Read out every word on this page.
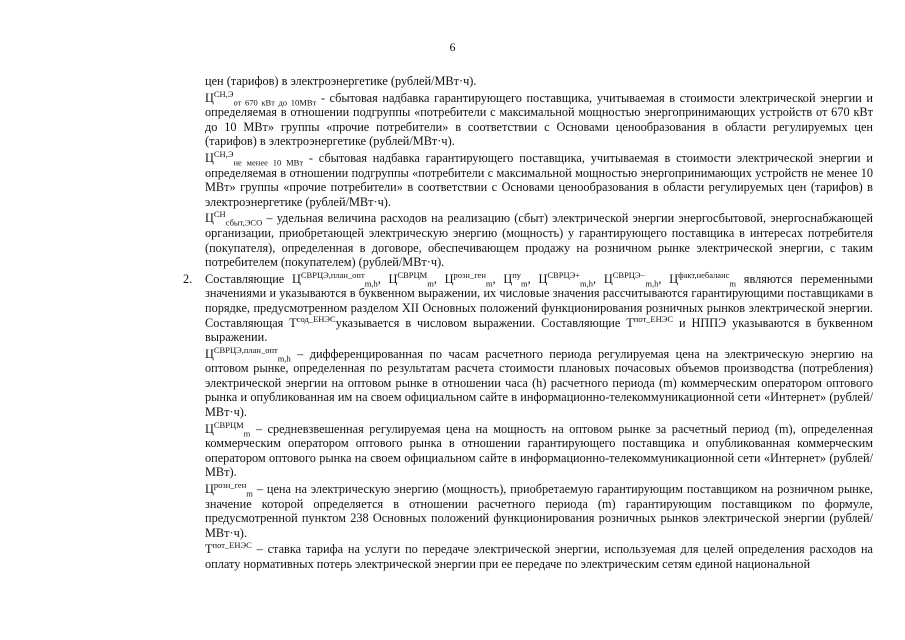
6

цен (тарифов) в электроэнергетике (рублей/МВт·ч).

$Ц^{СН,Э}_{от 670 кВт до 10МВт}$ - сбытовая надбавка гарантирующего поставщика, учитываемая в стоимости электрической энергии и определяемая в отношении подгруппы «потребители с максимальной мощностью энергопринимающих устройств от 670 кВт до 10 МВт» группы «прочие потребители» в соответствии с Основами ценообразования в области регулируемых цен (тарифов) в электроэнергетике (рублей/МВт·ч).

$Ц^{СН,Э}_{не менее 10 МВт}$ - сбытовая надбавка гарантирующего поставщика, учитываемая в стоимости электрической энергии и определяемая в отношении подгруппы «потребители с максимальной мощностью энергопринимающих устройств не менее 10 МВт» группы «прочие потребители» в соответствии с Основами ценообразования в области регулируемых цен (тарифов) в электроэнергетике (рублей/МВт·ч).

$Ц^{СН}_{сбыт,ЭСО}$ – удельная величина расходов на реализацию (сбыт) электрической энергии энергосбытовой, энергоснабжающей организации, приобретающей электрическую энергию (мощность) у гарантирующего поставщика в интересах потребителя (покупателя), определенная в договоре, обеспечивающем продажу на розничном рынке электрической энергии, с таким потребителем (покупателем) (рублей/МВт·ч).

2. Составляющие $Ц^{СВРЦЭ,план\_опт}_{m,h}$, $Ц^{СВРЦМ}_m$, $Ц^{розн\_ген}_m$, $Ц^{пу}_m$, $Ц^{СВРЦЭ+}_{m,h}$, $Ц^{СВРЦЭ-}_{m,h}$, $Ц^{факт,небаланс}_m$ являются переменными значениями и указываются в буквенном выражении, их числовые значения рассчитываются гарантирующими поставщиками в порядке, предусмотренном разделом XII Основных положений функционирования розничных рынков электрической энергии. Составляющая $Т^{сод\_ЕНЭС}указывается$ в числовом выражении. Составляющие $Т^{пот\_ЕНЭС}$ и НППЭ указываются в буквенном выражении.

$Ц^{СВРЦЭ,план\_опт}_{m,h}$ – дифференцированная по часам расчетного периода регулируемая цена на электрическую энергию на оптовом рынке, определенная по результатам расчета стоимости плановых почасовых объемов производства (потребления) электрической энергии на оптовом рынке в отношении часа (h) расчетного периода (m) коммерческим оператором оптового рынка и опубликованная им на своем официальном сайте в информационно-телекоммуникационной сети «Интернет» (рублей/МВт·ч).

$Ц^{СВРЦМ}_m$ – средневзвешенная регулируемая цена на мощность на оптовом рынке за расчетный период (m), определенная коммерческим оператором оптового рынка в отношении гарантирующего поставщика и опубликованная коммерческим оператором оптового рынка на своем официальном сайте в информационно-телекоммуникационной сети «Интернет» (рублей/МВт).

$Ц^{розн\_ген}_m$ – цена на электрическую энергию (мощность), приобретаемую гарантирующим поставщиком на розничном рынке, значение которой определяется в отношении расчетного периода (m) гарантирующим поставщиком по формуле, предусмотренной пунктом 238 Основных положений функционирования розничных рынков электрической энергии (рублей/МВт·ч).

$Т^{пот\_ЕНЭС}$ – ставка тарифа на услуги по передаче электрической энергии, используемая для целей определения расходов на оплату нормативных потерь электрической энергии при ее передаче по электрическим сетям единой национальной
